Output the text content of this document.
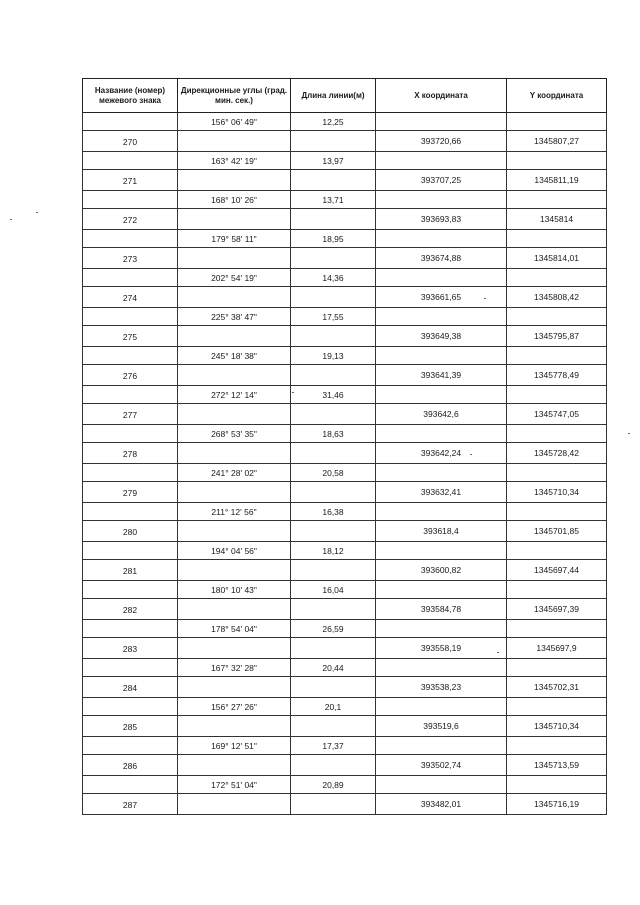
Название (номер) межевого знака	Дирекционные углы (град. мин. сек.)	Длина линии(м)	X координата	Y координата
	156° 06' 49"	12,25		
270			393720,66	1345807,27
	163° 42' 19"	13,97		
271			393707,25	1345811,19
	168° 10' 26"	13,71		
272			393693,83	1345814
	179° 58' 11"	18,95		
273			393674,88	1345814,01
	202° 54' 19"	14,36		
274			393661,65	1345808,42
	225° 38' 47"	17,55		
275			393649,38	1345795,87
	245° 18' 38"	19,13		
276			393641,39	1345778,49
	272° 12' 14"	31,46		
277			393642,6	1345747,05
	268° 53' 35"	18,63		
278			393642,24	1345728,42
	241° 28' 02"	20,58		
279			393632,41	1345710,34
	211° 12' 56"	16,38		
280			393618,4	1345701,85
	194° 04' 56"	18,12		
281			393600,82	1345697,44
	180° 10' 43"	16,04		
282			393584,78	1345697,39
	178° 54' 04"	26,59		
283			393558,19	1345697,9
	167° 32' 28"	20,44		
284			393538,23	1345702,31
	156° 27' 26"	20,1		
285			393519,6	1345710,34
	169° 12' 51"	17,37		
286			393502,74	1345713,59
	172° 51' 04"	20,89		
287			393482,01	1345716,19
